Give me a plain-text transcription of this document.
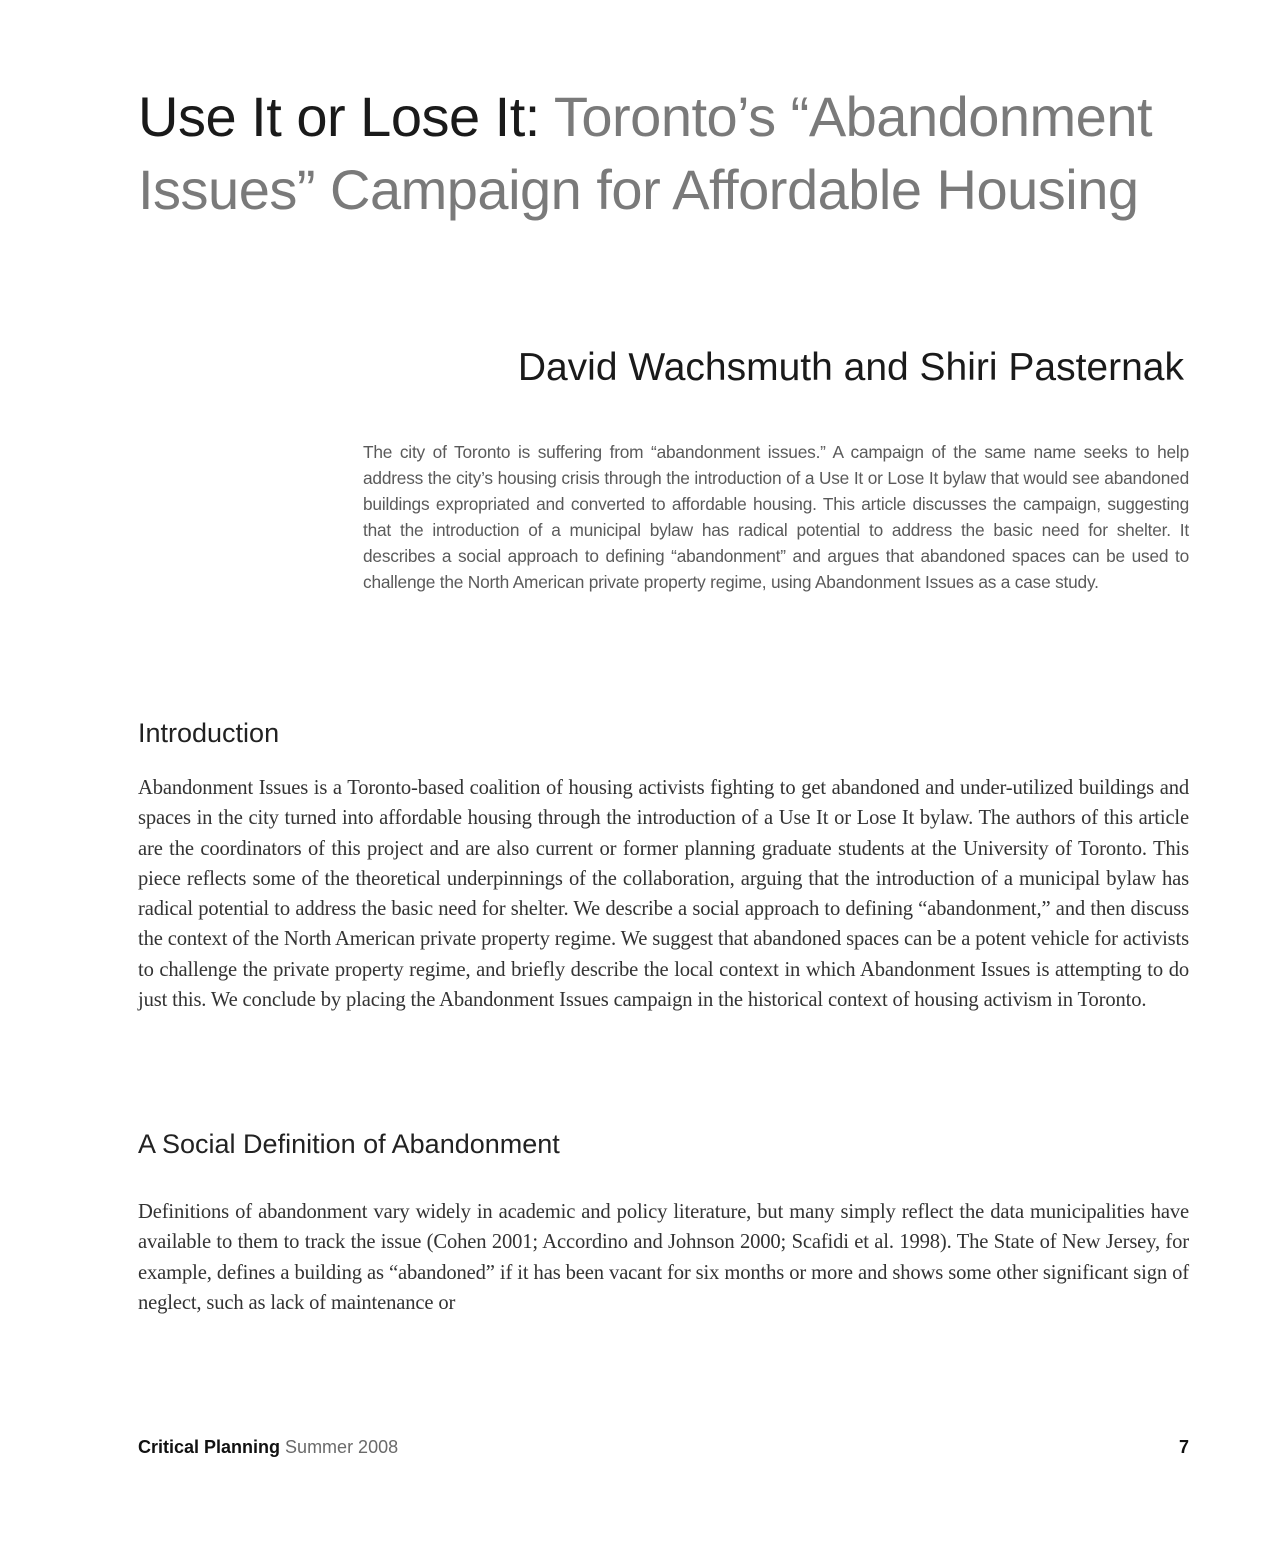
Use It or Lose It: Toronto’s “Abandonment Issues” Campaign for Affordable Housing
David Wachsmuth and Shiri Pasternak

The city of Toronto is suffering from “abandonment issues.” A campaign of the same name seeks to help address the city’s housing crisis through the introduction of a Use It or Lose It bylaw that would see abandoned buildings expropriated and converted to affordable housing. This article discusses the campaign, suggesting that the introduction of a municipal bylaw has radical potential to address the basic need for shelter. It describes a social approach to defining “abandonment” and argues that abandoned spaces can be used to challenge the North American private property regime, using Abandonment Issues as a case study.

Introduction

Abandonment Issues is a Toronto-based coalition of housing activists fighting to get abandoned and under-utilized buildings and spaces in the city turned into affordable housing through the introduction of a Use It or Lose It bylaw. The authors of this article are the coordinators of this project and are also current or former planning graduate students at the University of Toronto. This piece reflects some of the theoretical underpinnings of the collaboration, arguing that the introduction of a municipal bylaw has radical potential to address the basic need for shelter. We describe a social approach to defining “abandonment,” and then discuss the context of the North American private property regime. We suggest that abandoned spaces can be a potent vehicle for activists to challenge the private property regime, and briefly describe the local context in which Abandonment Issues is attempting to do just this. We conclude by placing the Abandonment Issues campaign in the historical context of housing activism in Toronto.

A Social Definition of Abandonment

Definitions of abandonment vary widely in academic and policy literature, but many simply reflect the data municipalities have available to them to track the issue (Cohen 2001; Accordino and Johnson 2000; Scafidi et al. 1998). The State of New Jersey, for example, defines a building as “abandoned” if it has been vacant for six months or more and shows some other significant sign of neglect, such as lack of maintenance or

Critical Planning Summer 2008	7
